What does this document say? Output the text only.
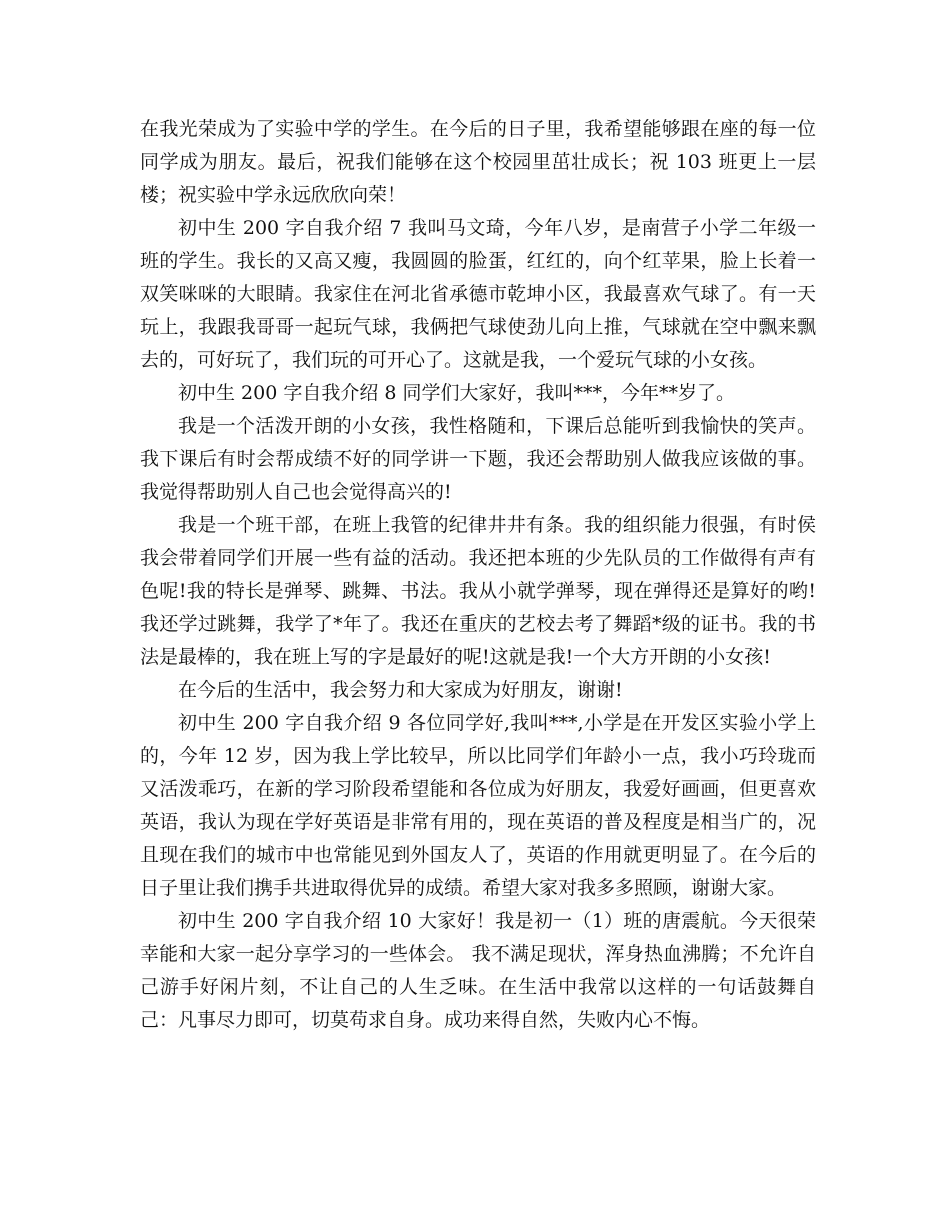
在我光荣成为了实验中学的学生。在今后的日子里，我希望能够跟在座的每一位同学成为朋友。最后，祝我们能够在这个校园里茁壮成长；祝 103 班更上一层楼；祝实验中学永远欣欣向荣！

初中生 200 字自我介绍 7 我叫马文琦，今年八岁，是南营子小学二年级一班的学生。我长的又高又瘦，我圆圆的脸蛋，红红的，向个红苹果，脸上长着一双笑咪咪的大眼睛。我家住在河北省承德市乾坤小区，我最喜欢气球了。有一天玩上，我跟我哥哥一起玩气球，我俩把气球使劲儿向上推，气球就在空中飘来飘去的，可好玩了，我们玩的可开心了。这就是我，一个爱玩气球的小女孩。

初中生 200 字自我介绍 8 同学们大家好，我叫***，今年**岁了。

我是一个活泼开朗的小女孩，我性格随和，下课后总能听到我愉快的笑声。我下课后有时会帮成绩不好的同学讲一下题，我还会帮助别人做我应该做的事。我觉得帮助别人自己也会觉得高兴的!

我是一个班干部，在班上我管的纪律井井有条。我的组织能力很强，有时侯我会带着同学们开展一些有益的活动。我还把本班的少先队员的工作做得有声有色呢!我的特长是弹琴、跳舞、书法。我从小就学弹琴，现在弹得还是算好的哟!我还学过跳舞，我学了*年了。我还在重庆的艺校去考了舞蹈*级的证书。我的书法是最棒的，我在班上写的字是最好的呢!这就是我!一个大方开朗的小女孩!

在今后的生活中，我会努力和大家成为好朋友，谢谢!

初中生 200 字自我介绍 9 各位同学好,我叫***,小学是在开发区实验小学上的，今年 12 岁，因为我上学比较早，所以比同学们年龄小一点，我小巧玲珑而又活泼乖巧，在新的学习阶段希望能和各位成为好朋友，我爱好画画，但更喜欢英语，我认为现在学好英语是非常有用的，现在英语的普及程度是相当广的，况且现在我们的城市中也常能见到外国友人了，英语的作用就更明显了。在今后的日子里让我们携手共进取得优异的成绩。希望大家对我多多照顾，谢谢大家。

初中生 200 字自我介绍 10 大家好！我是初一（1）班的唐震航。今天很荣幸能和大家一起分享学习的一些体会。 我不满足现状，浑身热血沸腾；不允许自己游手好闲片刻，不让自己的人生乏味。在生活中我常以这样的一句话鼓舞自己：凡事尽力即可，切莫苟求自身。成功来得自然，失败内心不悔。
